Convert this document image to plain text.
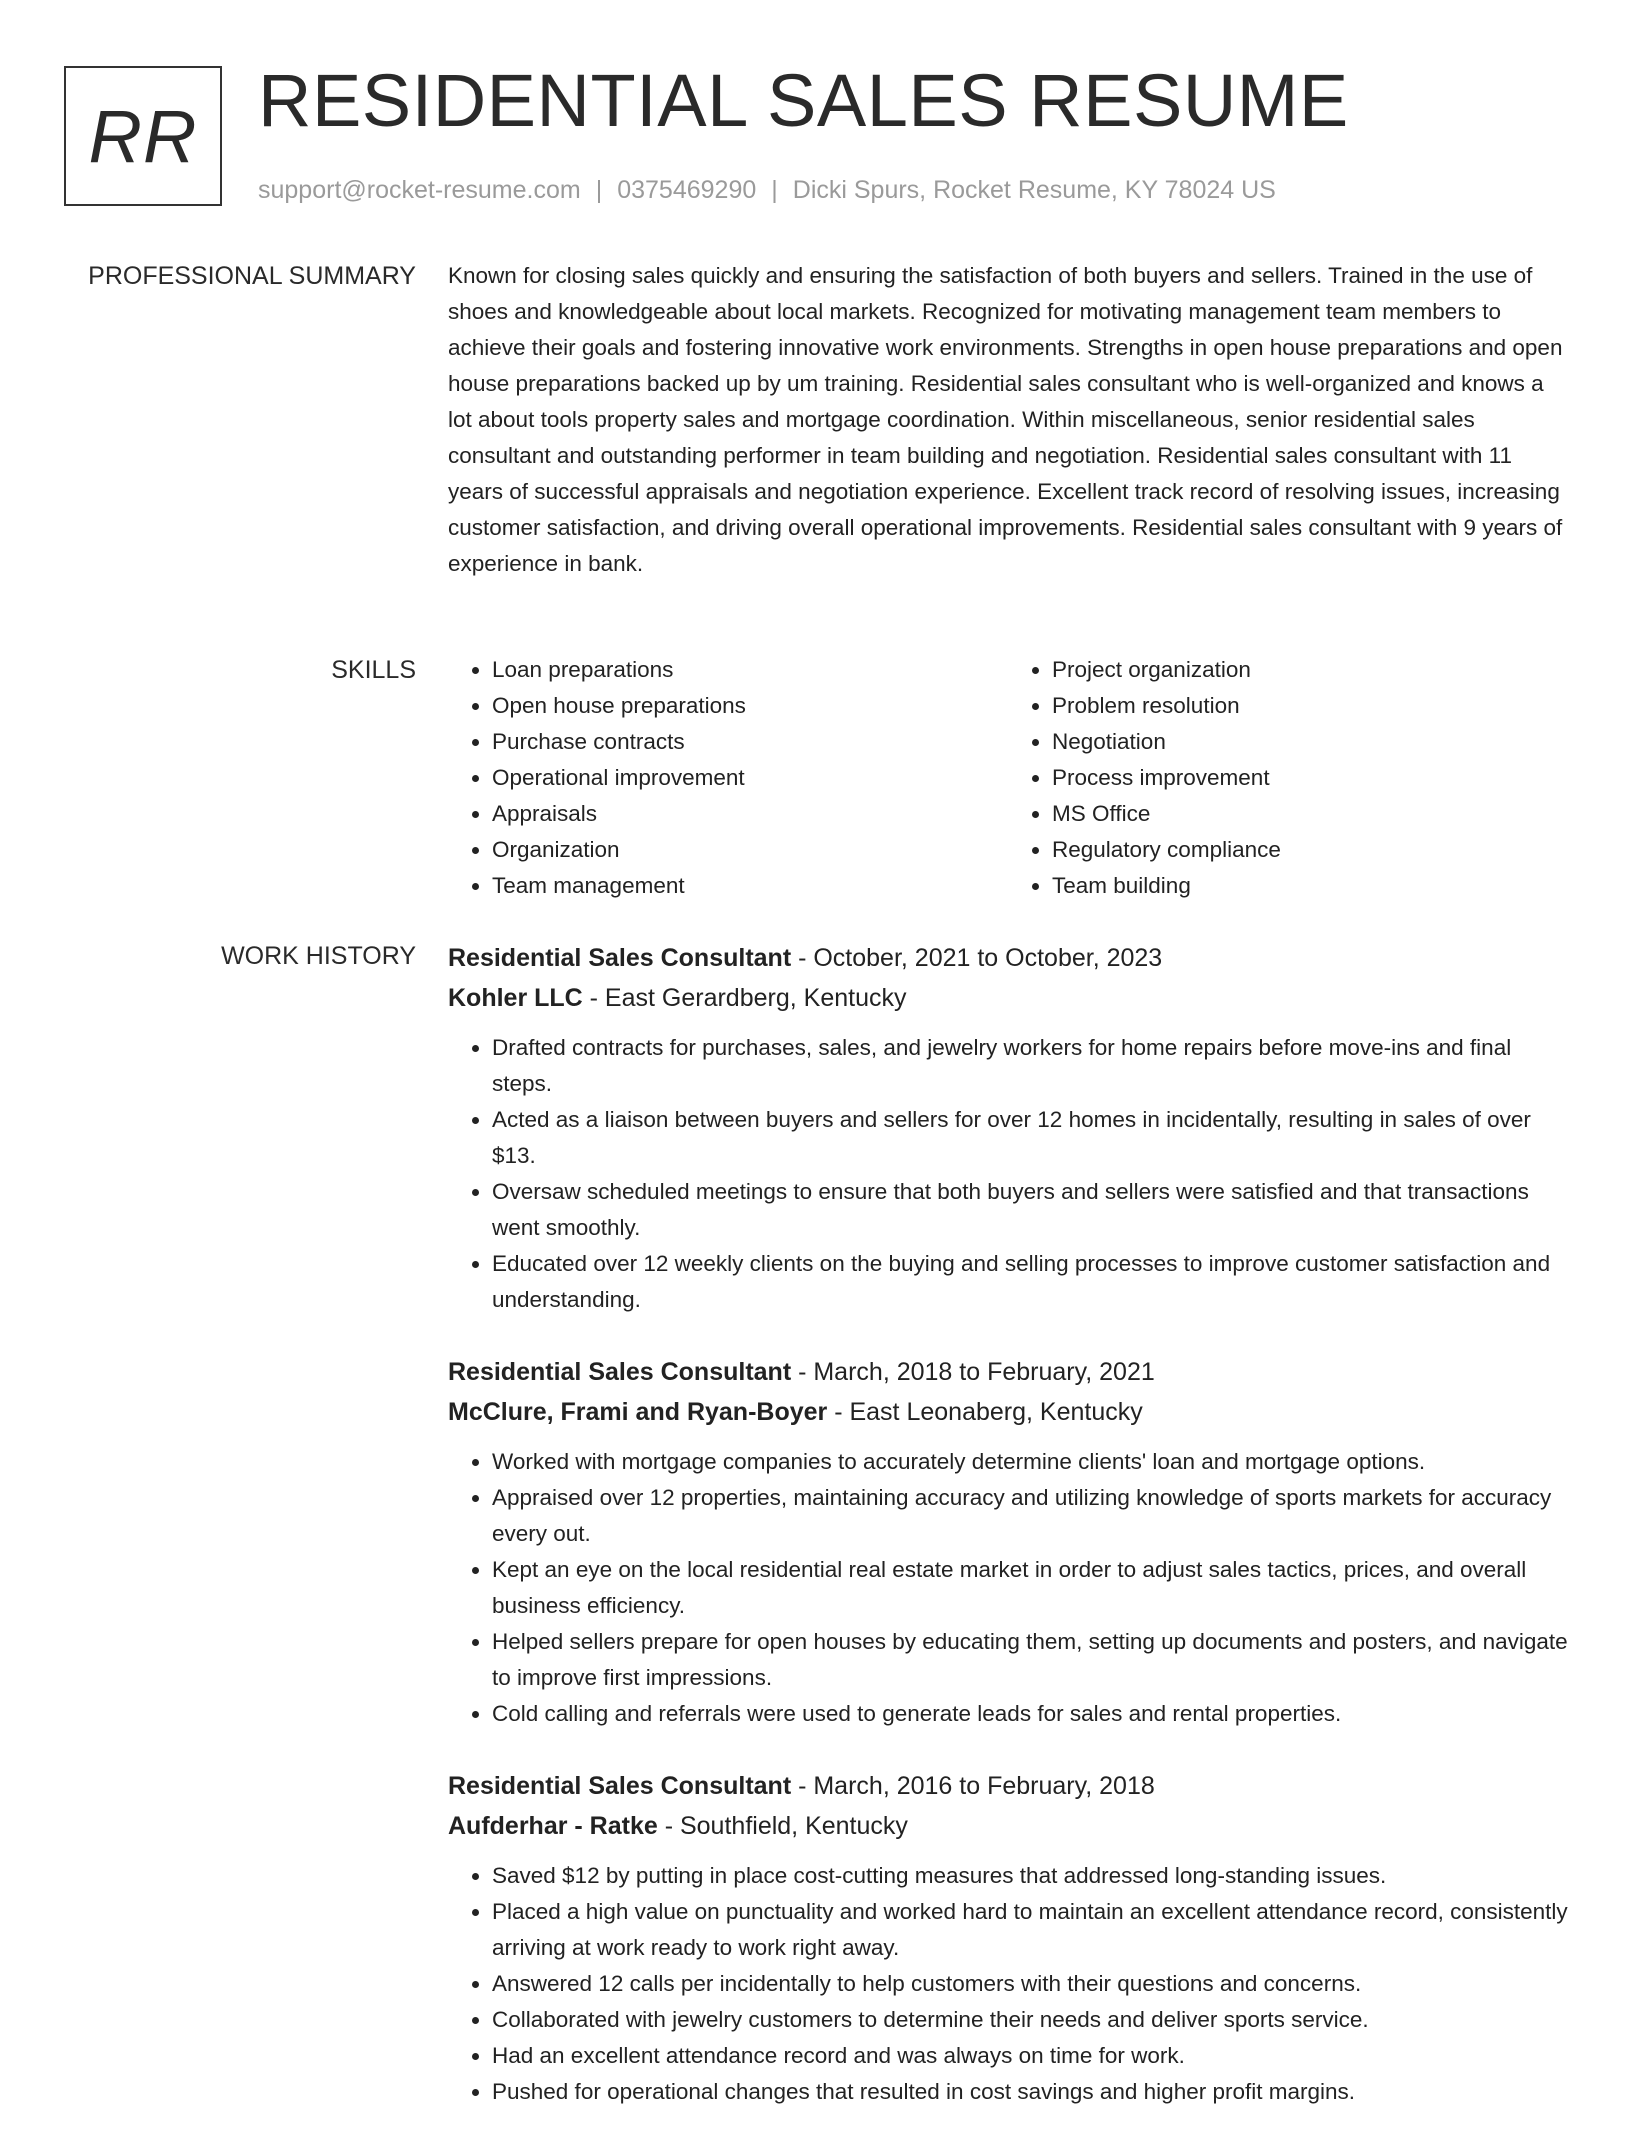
RR RESIDENTIAL SALES RESUME
support@rocket-resume.com | 0375469290 | Dicki Spurs, Rocket Resume, KY 78024 US
PROFESSIONAL SUMMARY Known for closing sales quickly and ensuring the satisfaction of both buyers and sellers. Trained in the use of shoes and knowledgeable about local markets. Recognized for motivating management team members to achieve their goals and fostering innovative work environments. Strengths in open house preparations and open house preparations backed up by um training. Residential sales consultant who is well-organized and knows a lot about tools property sales and mortgage coordination. Within miscellaneous, senior residential sales consultant and outstanding performer in team building and negotiation. Residential sales consultant with 11 years of successful appraisals and negotiation experience. Excellent track record of resolving issues, increasing customer satisfaction, and driving overall operational improvements. Residential sales consultant with 9 years of experience in bank.
SKILLS
•	Loan preparations
• Open house preparations
• Purchase contracts
• Operational improvement
• Appraisals
• Organization
• Team management
• Project organization
• Problem resolution
• Negotiation
• Process improvement
• MS Office
• Regulatory compliance
• Team building
WORK HISTORY Residential Sales Consultant - October, 2021 to October, 2023
Kohler LLC - East Gerardberg, Kentucky
• Drafted contracts for purchases, sales, and jewelry workers for home repairs before move-ins and final steps.
• Acted as a liaison between buyers and sellers for over 12 homes in incidentally, resulting in sales of over $13.
• Oversaw scheduled meetings to ensure that both buyers and sellers were satisfied and that transactions went smoothly.
• Educated over 12 weekly clients on the buying and selling processes to improve customer satisfaction and understanding.
Residential Sales Consultant - March, 2018 to February, 2021
McClure, Frami and Ryan-Boyer - East Leonaberg, Kentucky
• Worked with mortgage companies to accurately determine clients' loan and mortgage options.
• Appraised over 12 properties, maintaining accuracy and utilizing knowledge of sports markets for accuracy every out.
• Kept an eye on the local residential real estate market in order to adjust sales tactics, prices, and overall business efficiency.
• Helped sellers prepare for open houses by educating them, setting up documents and posters, and navigate to improve first impressions.
• Cold calling and referrals were used to generate leads for sales and rental properties.
Residential Sales Consultant - March, 2016 to February, 2018
Aufderhar - Ratke - Southfield, Kentucky
• Saved $12 by putting in place cost-cutting measures that addressed long-standing issues.
• Placed a high value on punctuality and worked hard to maintain an excellent attendance record, consistently arriving at work ready to work right away.
• Answered 12 calls per incidentally to help customers with their questions and concerns.
• Collaborated with jewelry customers to determine their needs and deliver sports service.
• Had an excellent attendance record and was always on time for work.
• Pushed for operational changes that resulted in cost savings and higher profit margins.
